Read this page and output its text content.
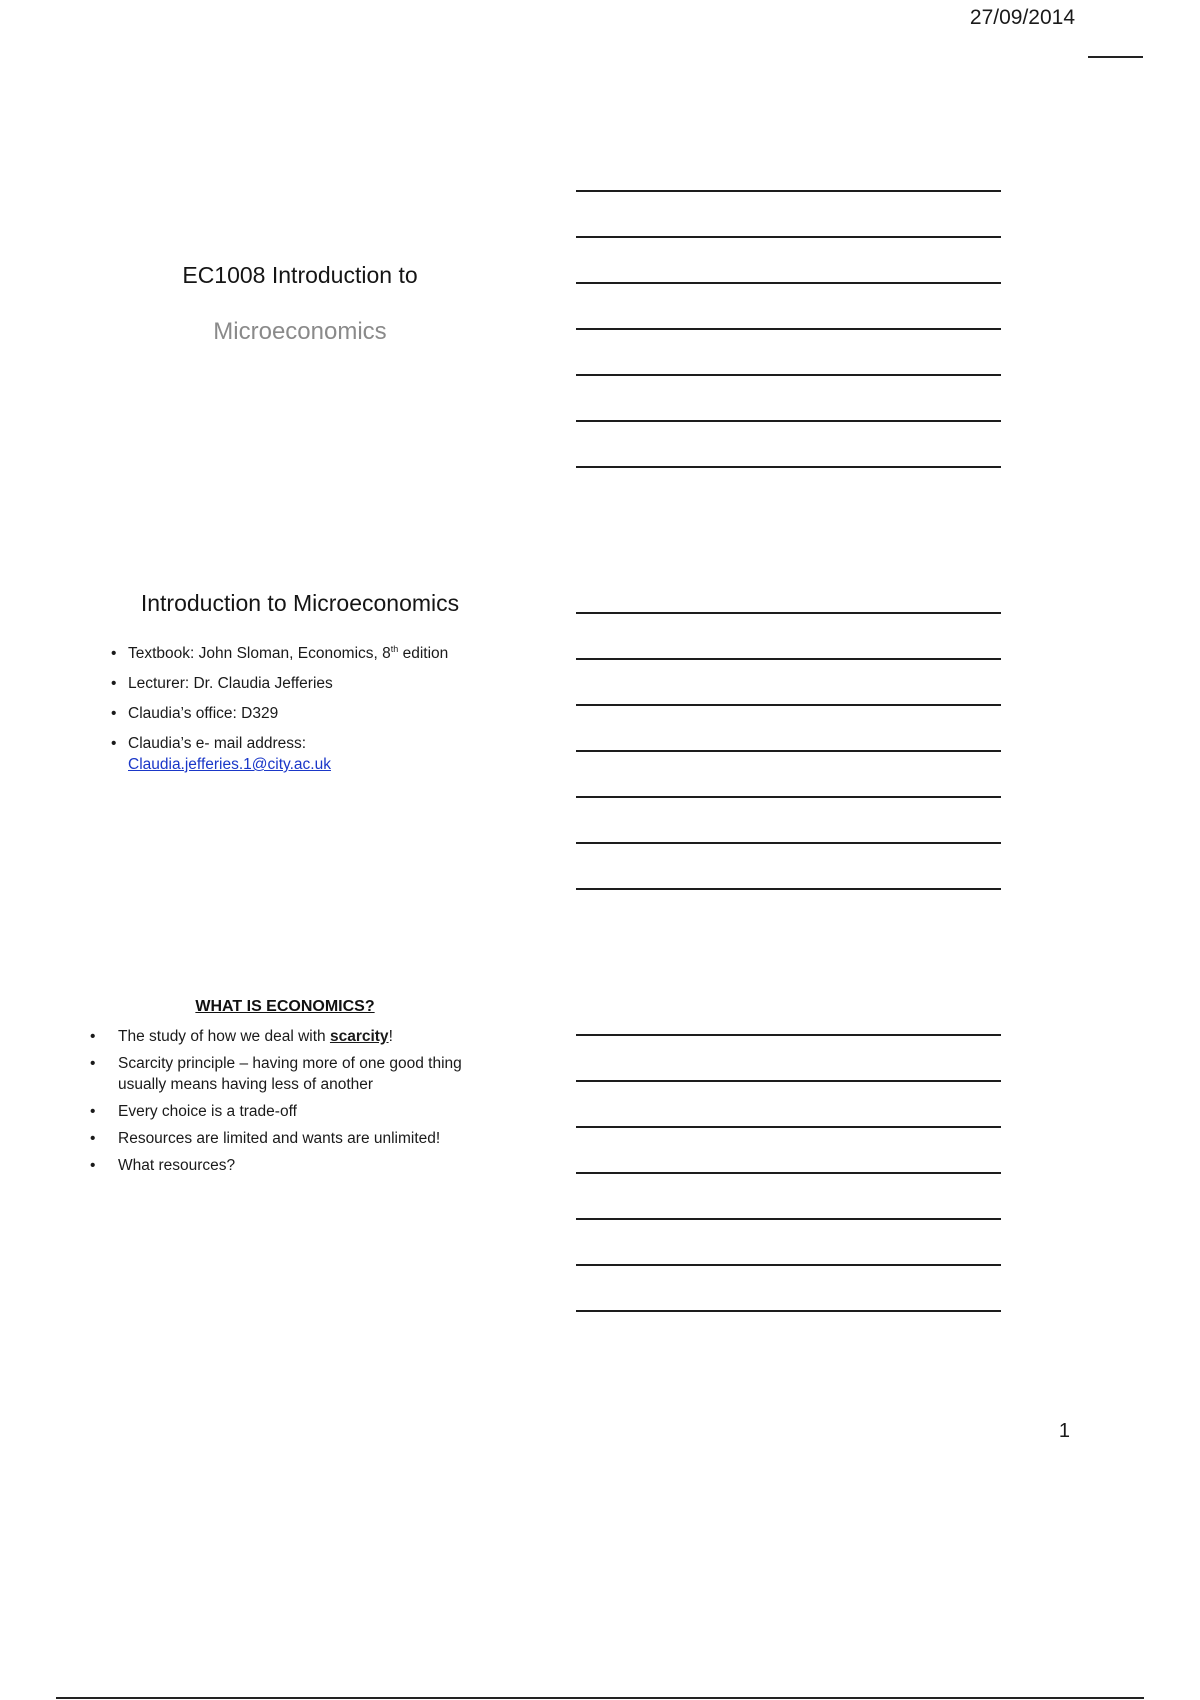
27/09/2014
EC1008 Introduction to
Microeconomics
Introduction to Microeconomics
• Textbook: John Sloman, Economics, 8th edition
• Lecturer: Dr. Claudia Jefferies
• Claudia’s office: D329
• Claudia’s e- mail address:
Claudia.jefferies.1@city.ac.uk
WHAT IS ECONOMICS?
• The study of how we deal with scarcity!
• Scarcity principle – having more of one good thing usually means having less of another
• Every choice is a trade-off
• Resources are limited and wants are unlimited!
• What resources?
1
